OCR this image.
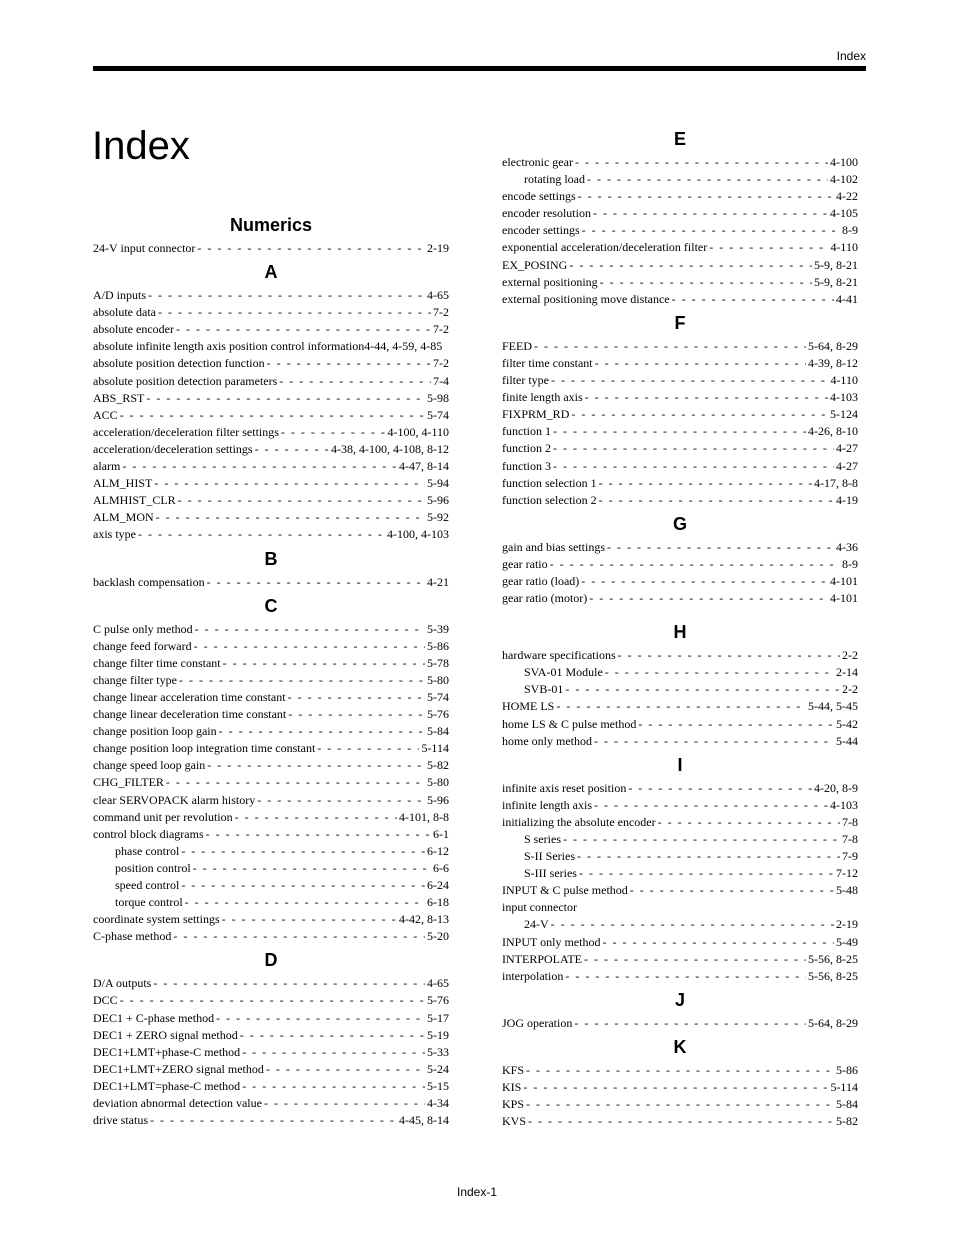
Index
Index
Numerics
24-V input connector - - -	2-19
A
A/D inputs - - -	4-65
absolute data - - -	7-2
absolute encoder - - -	7-2
absolute infinite length axis position control information 4-44, 4-59, 4-85
absolute position detection function - - -	7-2
absolute position detection parameters - - -	7-4
ABS_RST - - -	5-98
ACC - - -	5-74
acceleration/deceleration filter settings - - -	4-100, 4-110
acceleration/deceleration settings - - -	4-38, 4-100, 4-108, 8-12
alarm - - -	4-47, 8-14
ALM_HIST - - -	5-94
ALMHIST_CLR - - -	5-96
ALM_MON - - -	5-92
axis type - - -	4-100, 4-103
B
backlash compensation - - -	4-21
C
C pulse only method - - -	5-39
change feed forward - - -	5-86
change filter time constant - - -	5-78
change filter type - - -	5-80
change linear acceleration time constant - - -	5-74
change linear deceleration time constant - - -	5-76
change position loop gain - - -	5-84
change position loop integration time constant - - -	5-114
change speed loop gain - - -	5-82
CHG_FILTER - - -	5-80
clear SERVOPACK alarm history - - -	5-96
command unit per revolution - - -	4-101, 8-8
control block diagrams - - -	6-1
phase control - - -	6-12
position control - - -	6-6
speed control - - -	6-24
torque control - - -	6-18
coordinate system settings - - -	4-42, 8-13
C-phase method - - -	5-20
D
D/A outputs - - -	4-65
DCC - - -	5-76
DEC1 + C-phase method - - -	5-17
DEC1 + ZERO signal method - - -	5-19
DEC1+LMT+phase-C method - - -	5-33
DEC1+LMT+ZERO signal method - - -	5-24
DEC1+LMT=phase-C method - - -	5-15
deviation abnormal detection value - - -	4-34
drive status - - -	4-45, 8-14
E
electronic gear - - -	4-100
rotating load - - -	4-102
encode settings - - -	4-22
encoder resolution - - -	4-105
encoder settings - - -	8-9
exponential acceleration/deceleration filter - - -	4-110
EX_POSING - - -	5-9, 8-21
external positioning - - -	5-9, 8-21
external positioning move distance - - -	4-41
F
FEED - - -	5-64, 8-29
filter time constant - - -	4-39, 8-12
filter type - - -	4-110
finite length axis - - -	4-103
FIXPRM_RD - - -	5-124
function 1 - - -	4-26, 8-10
function 2 - - -	4-27
function 3 - - -	4-27
function selection 1 - - -	4-17, 8-8
function selection 2 - - -	4-19
G
gain and bias settings - - -	4-36
gear ratio - - -	8-9
gear ratio (load) - - -	4-101
gear ratio (motor) - - -	4-101
H
hardware specifications - - -	2-2
SVA-01 Module - - -	2-14
SVB-01 - - -	2-2
HOME LS - - -	5-44, 5-45
home LS & C pulse method - - -	5-42
home only method - - -	5-44
I
infinite axis reset position - - -	4-20, 8-9
infinite length axis - - -	4-103
initializing the absolute encoder - - -	7-8
S series - - -	7-8
S-II Series - - -	7-9
S-III series - - -	7-12
INPUT & C pulse method - - -	5-48
input connector
24-V - - -	2-19
INPUT only method - - -	5-49
INTERPOLATE - - -	5-56, 8-25
interpolation - - -	5-56, 8-25
J
JOG operation - - -	5-64, 8-29
K
KFS - - -	5-86
KIS - - -	5-114
KPS - - -	5-84
KVS - - -	5-82
Index-1
